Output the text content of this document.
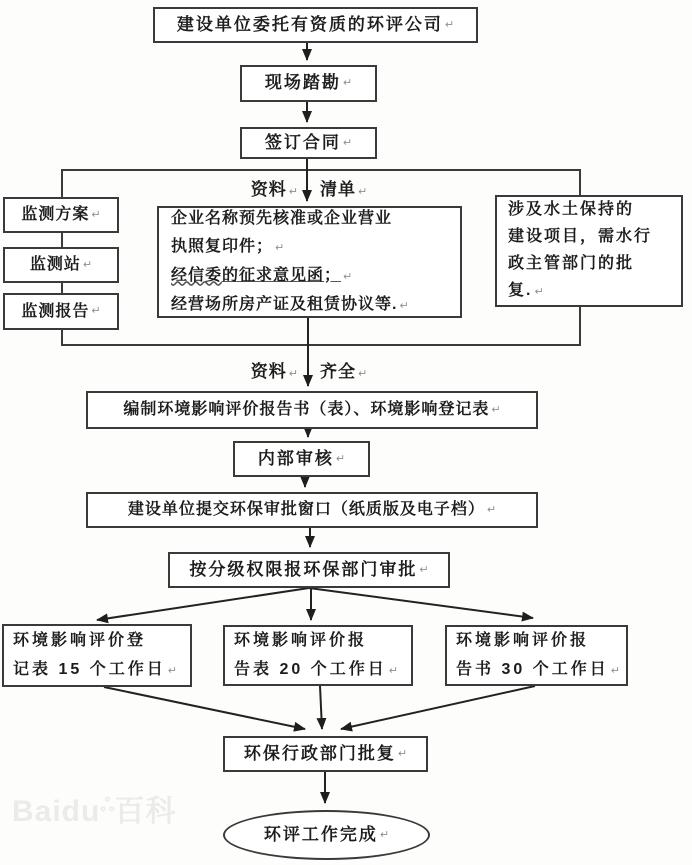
Baidu$^ஃ$百科
建设单位委托有资质的环评公司 ↵
现场踏勘 ↵
签订合同 ↵
资料 ↵ 清单 ↵
监测方案 ↵
监测站 ↵
监测报告 ↵
企业名称预先核准或企业营业
执照复印件； ↵
经信委的征求意见函； ↵
经营场所房产证及租赁协议等. ↵
涉及水土保持的
建设项目，需水行
政主管部门的批
复. ↵
资料 ↵ 齐全 ↵
编制环境影响评价报告书（表）、环境影响登记表 ↵
内部审核 ↵
建设单位提交环保审批窗口（纸质版及电子档） ↵
按分级权限报环保部门审批 ↵
环境影响评价登
记表 15 个工作日 ↵
环境影响评价报
告表 20 个工作日 ↵
环境影响评价报
告书 30 个工作日 ↵
环保行政部门批复 ↵
环评工作完成 ↵
